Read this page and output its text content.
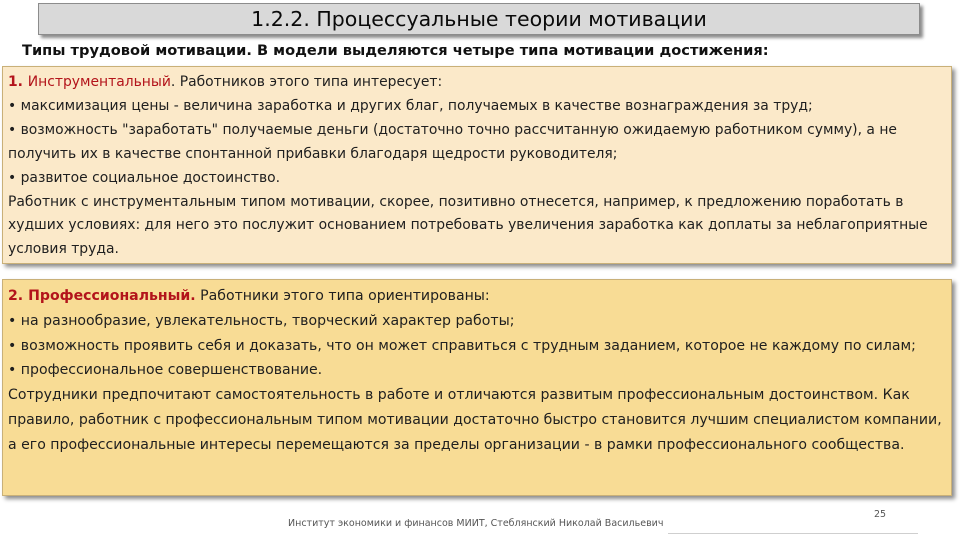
1.2.2. Процессуальные теории мотивации
Типы трудовой мотивации. В модели выделяются четыре типа мотивации достижения:

1. Инструментальный. Работников этого типа интересует:

• максимизация цены - величина заработка и других благ, получаемых в качестве вознаграждения за труд;

• возможность "заработать" получаемые деньги (достаточно точно рассчитанную ожидаемую работником сумму), а не получить их в качестве спонтанной прибавки благодаря щедрости руководителя;

• развитое социальное достоинство.

Работник с инструментальным типом мотивации, скорее, позитивно отнесется, например, к предложению поработать в худших условиях: для него это послужит основанием потребовать увеличения заработка как доплаты за неблагоприятные условия труда.

2. Профессиональный. Работники этого типа ориентированы:

• на разнообразие, увлекательность, творческий характер работы;

• возможность проявить себя и доказать, что он может справиться с трудным заданием, которое не каждому по силам;

• профессиональное совершенствование.

Сотрудники предпочитают самостоятельность в работе и отличаются развитым профессиональным достоинством. Как правило, работник с профессиональным типом мотивации достаточно быстро становится лучшим специалистом компании, а его профессиональные интересы перемещаются за пределы организации - в рамки профессионального сообщества.

25
Институт экономики и финансов МИИТ, Стеблянский Николай Васильевич
